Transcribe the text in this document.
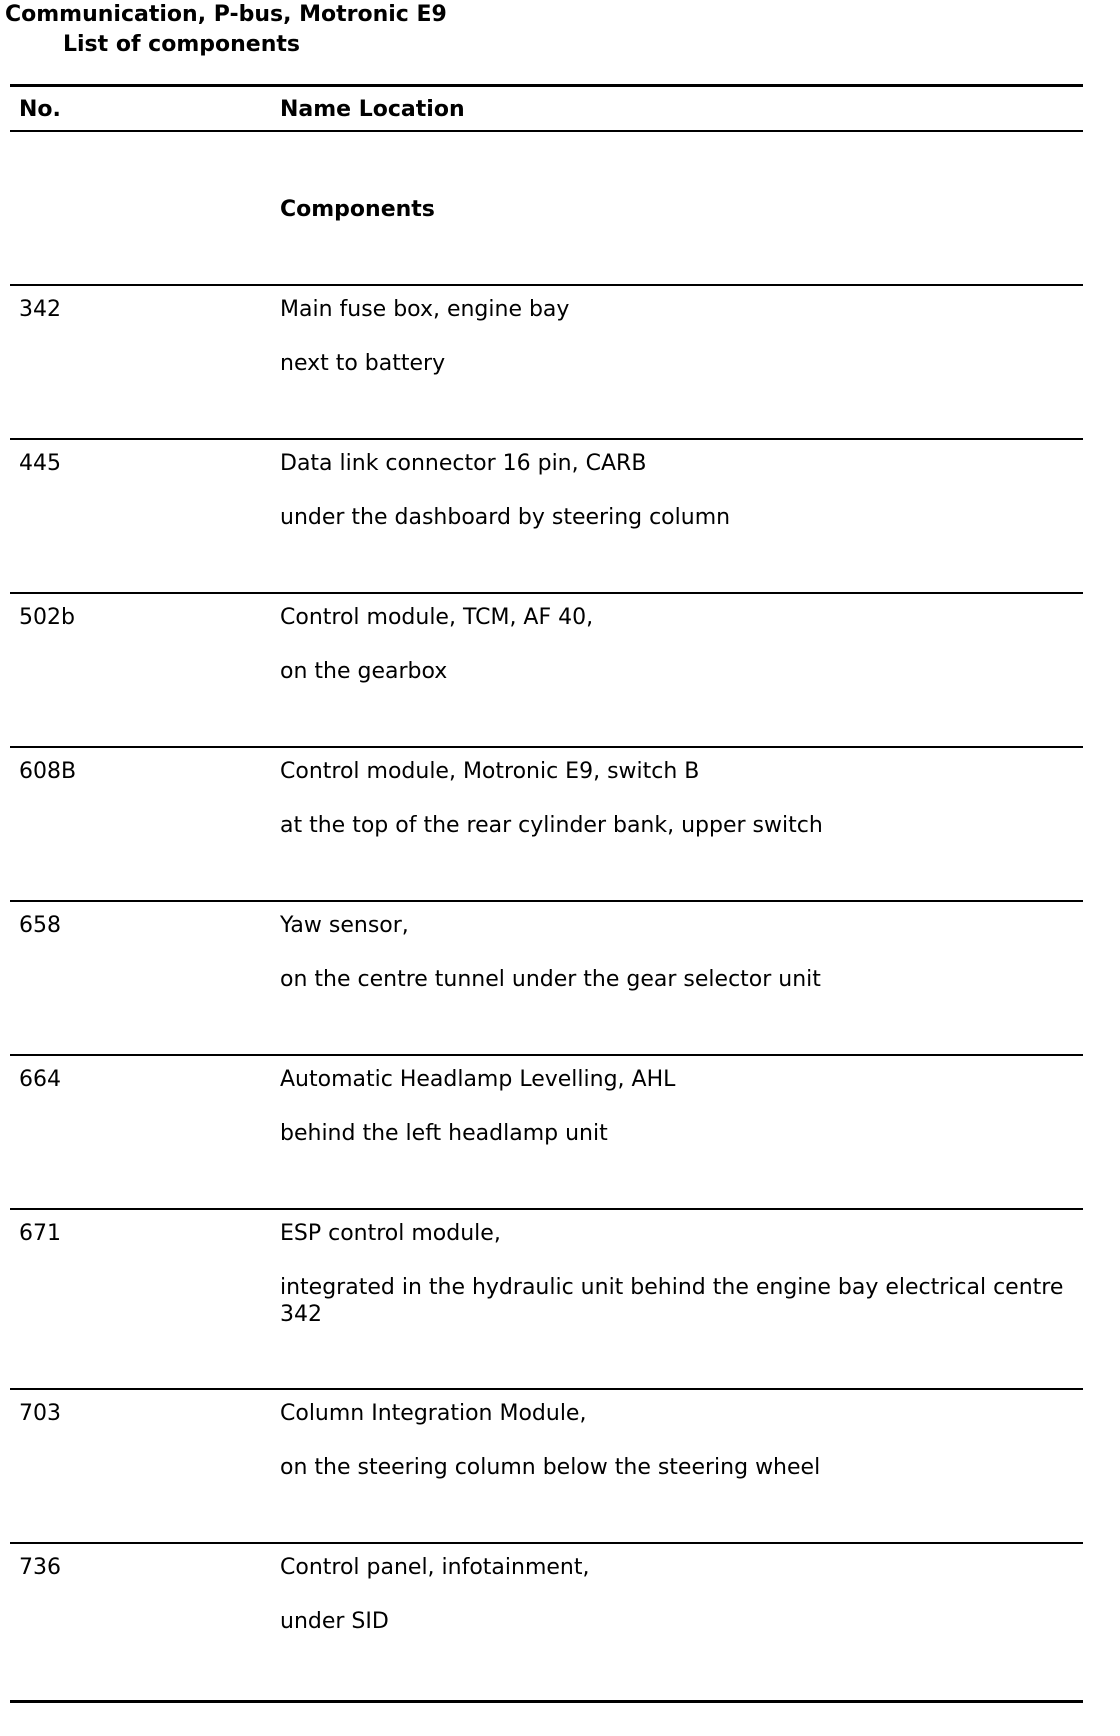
Communication, P-bus, Motronic E9
List of components
No.	Name Location
Components
342	Main fuse box, engine bay
next to battery
445	Data link connector 16 pin, CARB
under the dashboard by steering column
502b	Control module, TCM, AF 40,
on the gearbox
608B	Control module, Motronic E9, switch B
at the top of the rear cylinder bank, upper switch
658	Yaw sensor,
on the centre tunnel under the gear selector unit
664	Automatic Headlamp Levelling, AHL
behind the left headlamp unit
671	ESP control module,
integrated in the hydraulic unit behind the engine bay electrical centre 342
703	Column Integration Module,
on the steering column below the steering wheel
736	Control panel, infotainment,
under SID
